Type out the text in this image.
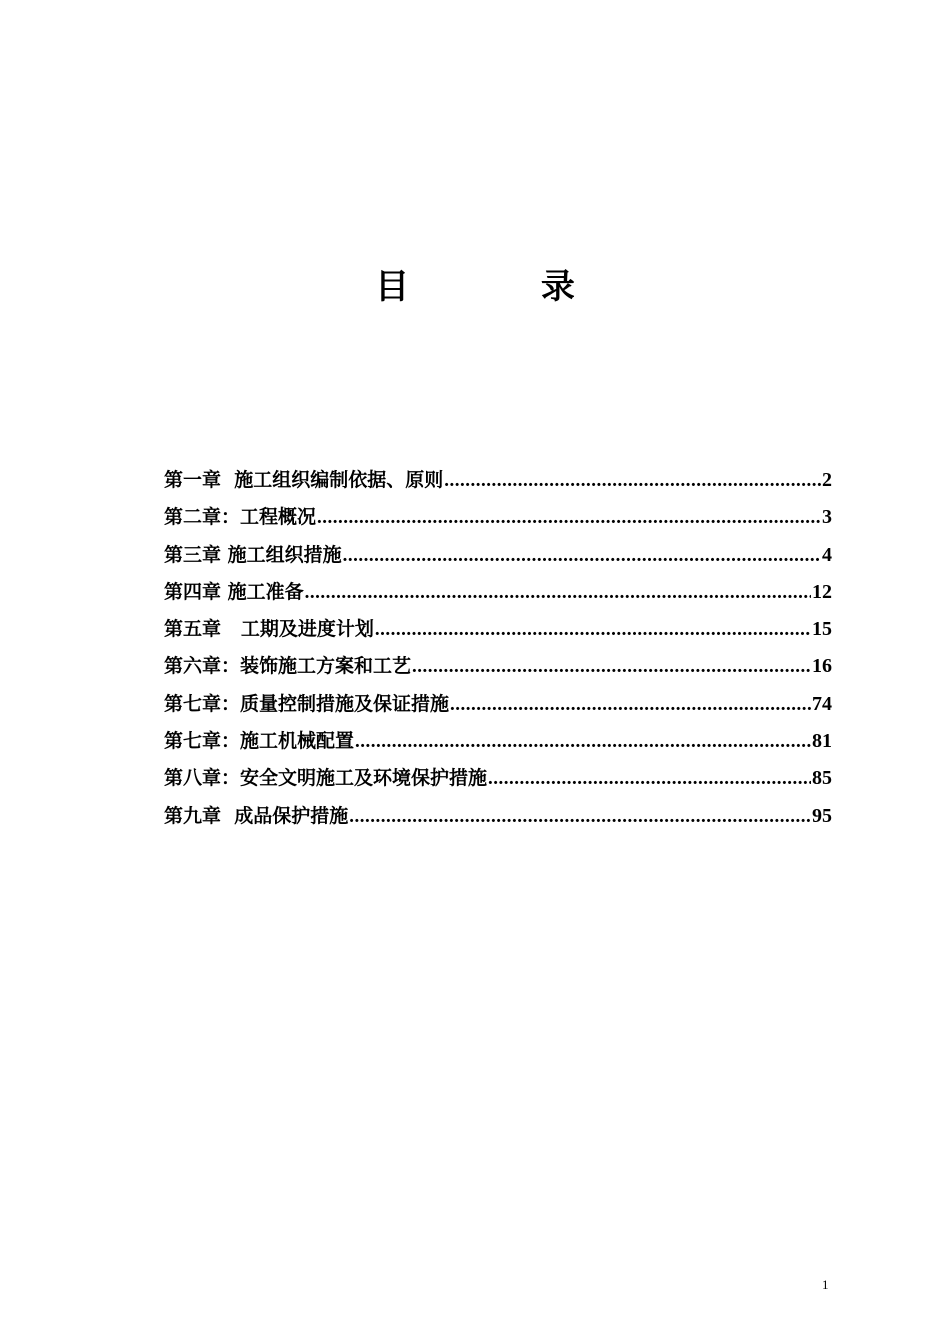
目 录
第一章  施工组织编制依据、原则 .....	2
第二章：工程概况 .....	3
第三章 施工组织措施 .....	4
第四章 施工准备 .....	12
第五章   工期及进度计划 .....	15
第六章：装饰施工方案和工艺 .....	16
第七章：质量控制措施及保证措施 .....	74
第七章：施工机械配置 .....	81
第八章：安全文明施工及环境保护措施 .....	85
第九章  成品保护措施 .....	95
1
